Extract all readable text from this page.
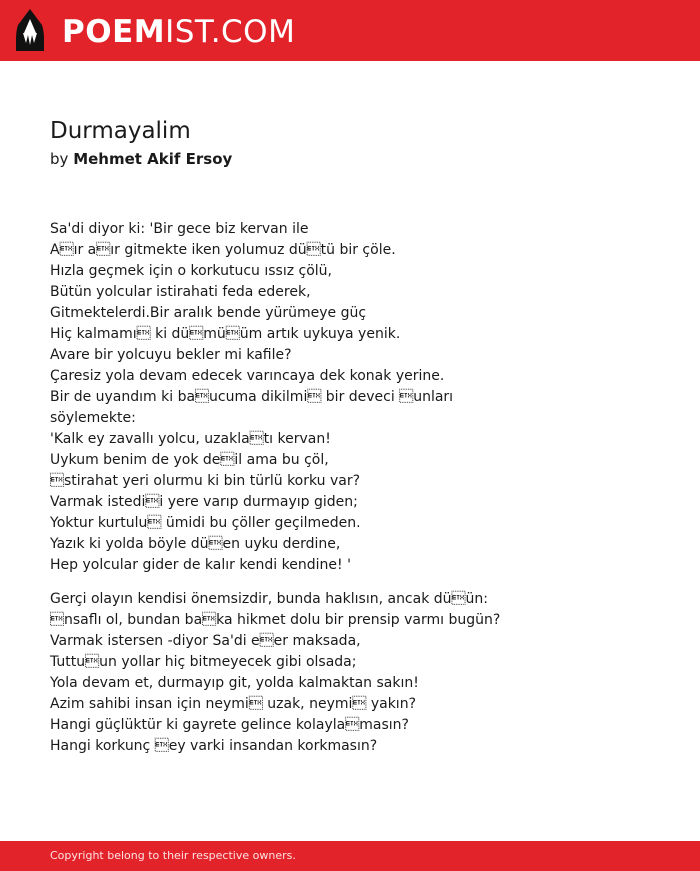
POEMIST.COM
Durmayalim
by Mehmet Akif Ersoy
Sa'di diyor ki: 'Bir gece biz kervan ile
Aır aır gitmekte iken yolumuz dütü bir çöle.
Hızla geçmek için o korkutucu ıssız çölü,
Bütün yolcular istirahati feda ederek,
Gitmektelerdi.Bir aralık bende yürümeye güç
Hiç kalmamı ki dümüüm artık uykuya yenik.
Avare bir yolcuyu bekler mi kafile?
Çaresiz yola devam edecek varıncaya dek konak yerine.
Bir de uyandım ki baucuma dikilmi bir deveci unları
söylemekte:
'Kalk ey zavallı yolcu, uzaklatı kervan!
Uykum benim de yok deil ama bu çöl,
stirahat yeri olurmu ki bin türlü korku var?
Varmak istedii yere varıp durmayıp giden;
Yoktur kurtulu ümidi bu çöller geçilmeden.
Yazık ki yolda böyle düen uyku derdine,
Hep yolcular gider de kalır kendi kendine! '
Gerçi olayın kendisi önemsizdir, bunda haklısın, ancak düün:
nsaflı ol, bundan baka hikmet dolu bir prensip varmı bugün?
Varmak istersen -diyor Sa'di eer maksada,
Tuttuun yollar hiç bitmeyecek gibi olsada;
Yola devam et, durmayıp git, yolda kalmaktan sakın!
Azim sahibi insan için neymi uzak, neymi yakın?
Hangi güçlüktür ki gayrete gelince kolaylamasın?
Hangi korkunç ey varki insandan korkmasın?
Copyright belong to their respective owners.
